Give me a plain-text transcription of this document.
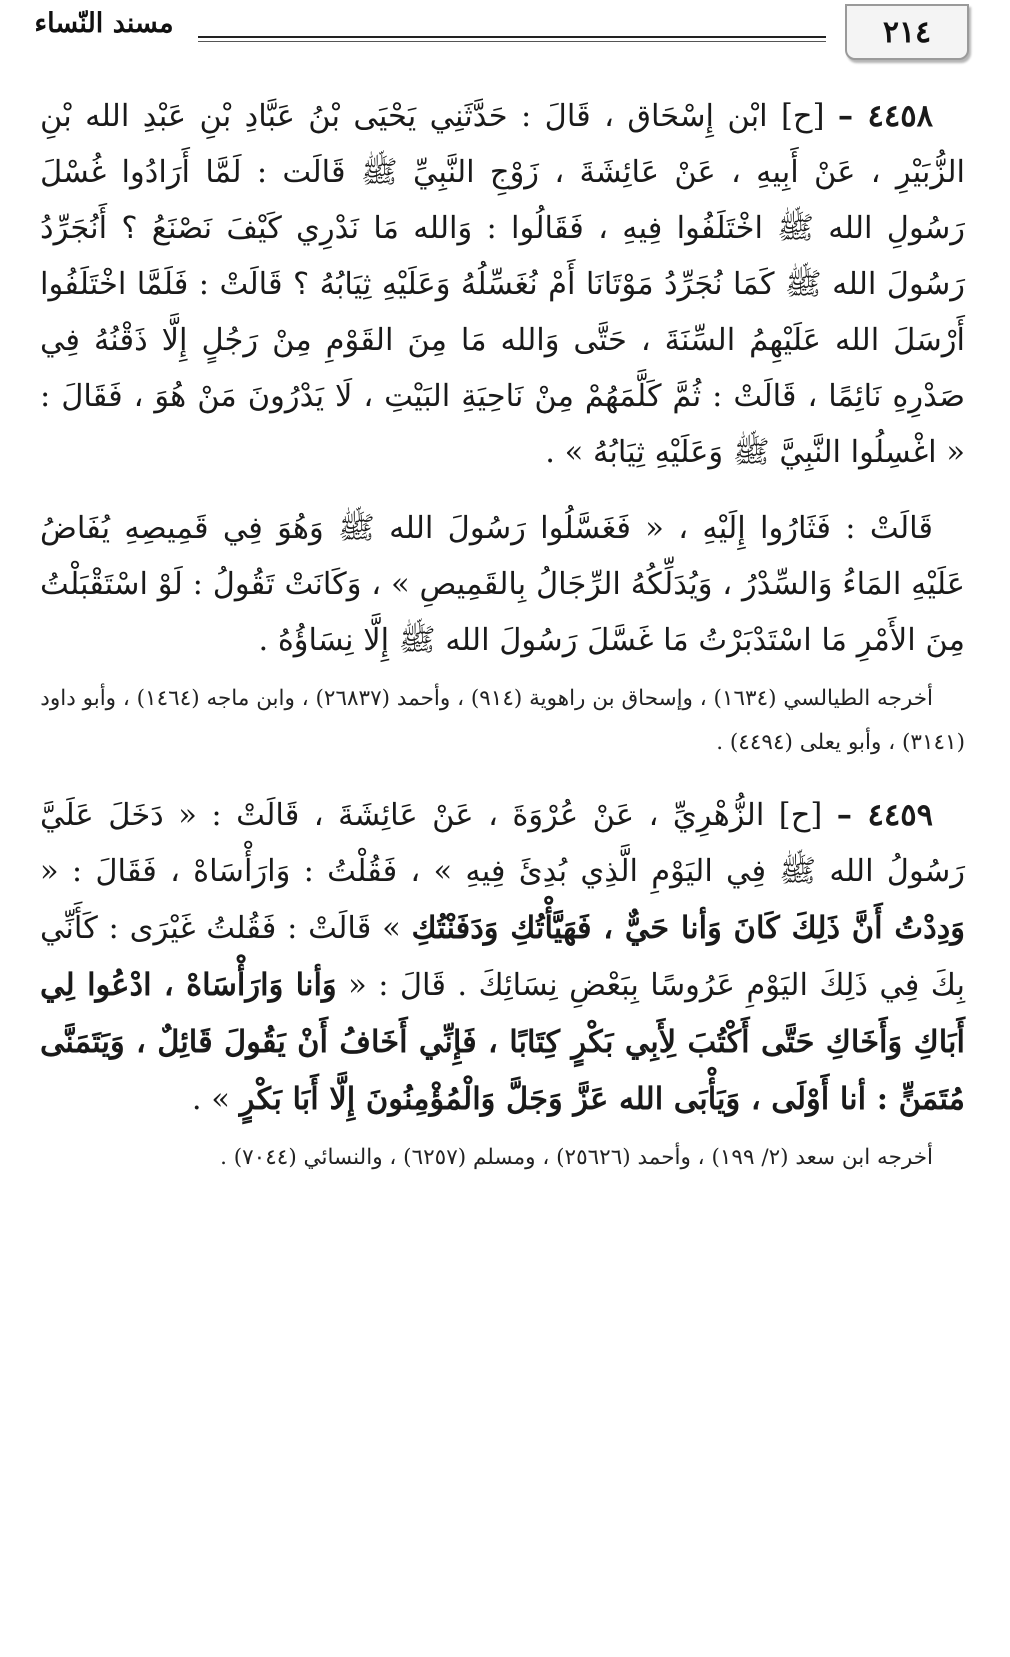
٢١٤
مسند النّساء

٤٤٥٨ – [ح] ابْن إِسْحَاق ، قَالَ : حَدَّثَنِي يَحْيَى بْنُ عَبَّادِ بْنِ عَبْدِ الله بْنِ الزُّبَيْرِ ، عَنْ أَبِيهِ ، عَنْ عَائِشَةَ ، زَوْجِ النَّبِيِّ ﷺ قَالَت : لَمَّا أَرَادُوا غُسْلَ رَسُولِ الله ﷺ اخْتَلَفُوا فِيهِ ، فَقَالُوا : وَالله مَا نَدْرِي كَيْفَ نَصْنَعُ ؟ أَنُجَرِّدُ رَسُولَ الله ﷺ كَمَا نُجَرِّدُ مَوْتَانَا أَمْ نُغَسِّلُهُ وَعَلَيْهِ ثِيَابُهُ ؟ قَالَتْ : فَلَمَّا اخْتَلَفُوا أَرْسَلَ الله عَلَيْهِمُ السِّنَةَ ، حَتَّى وَالله مَا مِنَ القَوْمِ مِنْ رَجُلٍ إِلَّا ذَقْنُهُ فِي صَدْرِهِ نَائِمًا ، قَالَتْ : ثُمَّ كَلَّمَهُمْ مِنْ نَاحِيَةِ البَيْتِ ، لَا يَدْرُونَ مَنْ هُوَ ، فَقَالَ : « اغْسِلُوا النَّبِيَّ ﷺ وَعَلَيْهِ ثِيَابُهُ » .

قَالَتْ : فَثَارُوا إِلَيْهِ ، « فَغَسَّلُوا رَسُولَ الله ﷺ وَهُوَ فِي قَمِيصِهِ يُفَاضُ عَلَيْهِ المَاءُ وَالسِّدْرُ ، وَيُدَلِّكُهُ الرِّجَالُ بِالقَمِيصِ » ، وَكَانَتْ تَقُولُ : لَوْ اسْتَقْبَلْتُ مِنَ الأَمْرِ مَا اسْتَدْبَرْتُ مَا غَسَّلَ رَسُولَ الله ﷺ إِلَّا نِسَاؤُهُ .

أخرجه الطيالسي (١٦٣٤) ، وإسحاق بن راهوية (٩١٤) ، وأحمد (٢٦٨٣٧) ، وابن ماجه (١٤٦٤) ، وأبو داود (٣١٤١) ، وأبو يعلى (٤٤٩٤) .

٤٤٥٩ – [ح] الزُّهْرِيِّ ، عَنْ عُرْوَةَ ، عَنْ عَائِشَةَ ، قَالَتْ : « دَخَلَ عَلَيَّ رَسُولُ الله ﷺ فِي اليَوْمِ الَّذِي بُدِئَ فِيهِ » ، فَقُلْتُ : وَارَأْسَاهْ ، فَقَالَ : « وَدِدْتُ أَنَّ ذَلِكَ كَانَ وَأنا حَيٌّ ، فَهَيَّأْتُكِ وَدَفَنْتُكِ » قَالَتْ : فَقُلتُ غَيْرَى : كَأَنِّي بِكَ فِي ذَلِكَ اليَوْمِ عَرُوسًا بِبَعْضِ نِسَائِكَ . قَالَ : « وَأنا وَارَأْسَاهْ ، ادْعُوا لِي أَبَاكِ وَأَخَاكِ حَتَّى أَكْتُبَ لِأَبِي بَكْرٍ كِتَابًا ، فَإِنِّي أَخَافُ أَنْ يَقُولَ قَائِلٌ ، وَيَتَمَنَّى مُتَمَنٍّ : أنا أَوْلَى ، وَيَأْبَى الله عَزَّ وَجَلَّ وَالْمُؤْمِنُونَ إِلَّا أَبَا بَكْرٍ » .

أخرجه ابن سعد (٢/ ١٩٩) ، وأحمد (٢٥٦٢٦) ، ومسلم (٦٢٥٧) ، والنسائي (٧٠٤٤) .
